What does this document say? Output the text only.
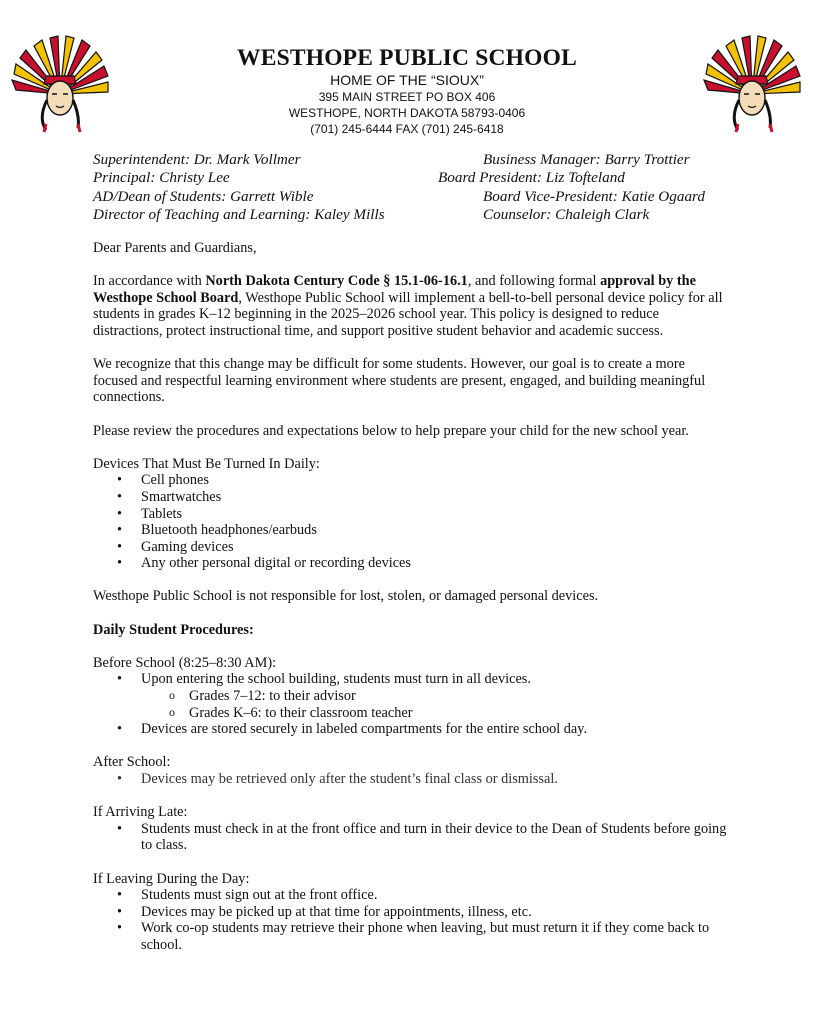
WESTHOPE PUBLIC SCHOOL
HOME OF THE “SIOUX”
395 MAIN STREET PO BOX 406
WESTHOPE, NORTH DAKOTA 58793-0406
(701) 245-6444 FAX (701) 245-6418
Superintendent: Dr. Mark Vollmer	Business Manager: Barry Trottier
Principal: Christy Lee	Board President: Liz Tofteland
AD/Dean of Students: Garrett Wible	Board Vice-President: Katie Ogaard
Director of Teaching and Learning: Kaley Mills	Counselor: Chaleigh Clark

Dear Parents and Guardians,

In accordance with North Dakota Century Code § 15.1-06-16.1, and following formal approval by the Westhope School Board, Westhope Public School will implement a bell-to-bell personal device policy for all students in grades K–12 beginning in the 2025–2026 school year. This policy is designed to reduce distractions, protect instructional time, and support positive student behavior and academic success.

We recognize that this change may be difficult for some students. However, our goal is to create a more focused and respectful learning environment where students are present, engaged, and building meaningful connections.

Please review the procedures and expectations below to help prepare your child for the new school year.

Devices That Must Be Turned In Daily:

• Cell phones
• Smartwatches
• Tablets
• Bluetooth headphones/earbuds
• Gaming devices
• Any other personal digital or recording devices

Westhope Public School is not responsible for lost, stolen, or damaged personal devices.

Daily Student Procedures:

Before School (8:25–8:30 AM):

• Upon entering the school building, students must turn in all devices.
o Grades 7–12: to their advisor
o Grades K–6: to their classroom teacher
• Devices are stored securely in labeled compartments for the entire school day.

After School:

• Devices may be retrieved only after the student’s final class or dismissal.

If Arriving Late:

• Students must check in at the front office and turn in their device to the Dean of Students before going to class.

If Leaving During the Day:

• Students must sign out at the front office.
• Devices may be picked up at that time for appointments, illness, etc.
• Work co-op students may retrieve their phone when leaving, but must return it if they come back to school.
